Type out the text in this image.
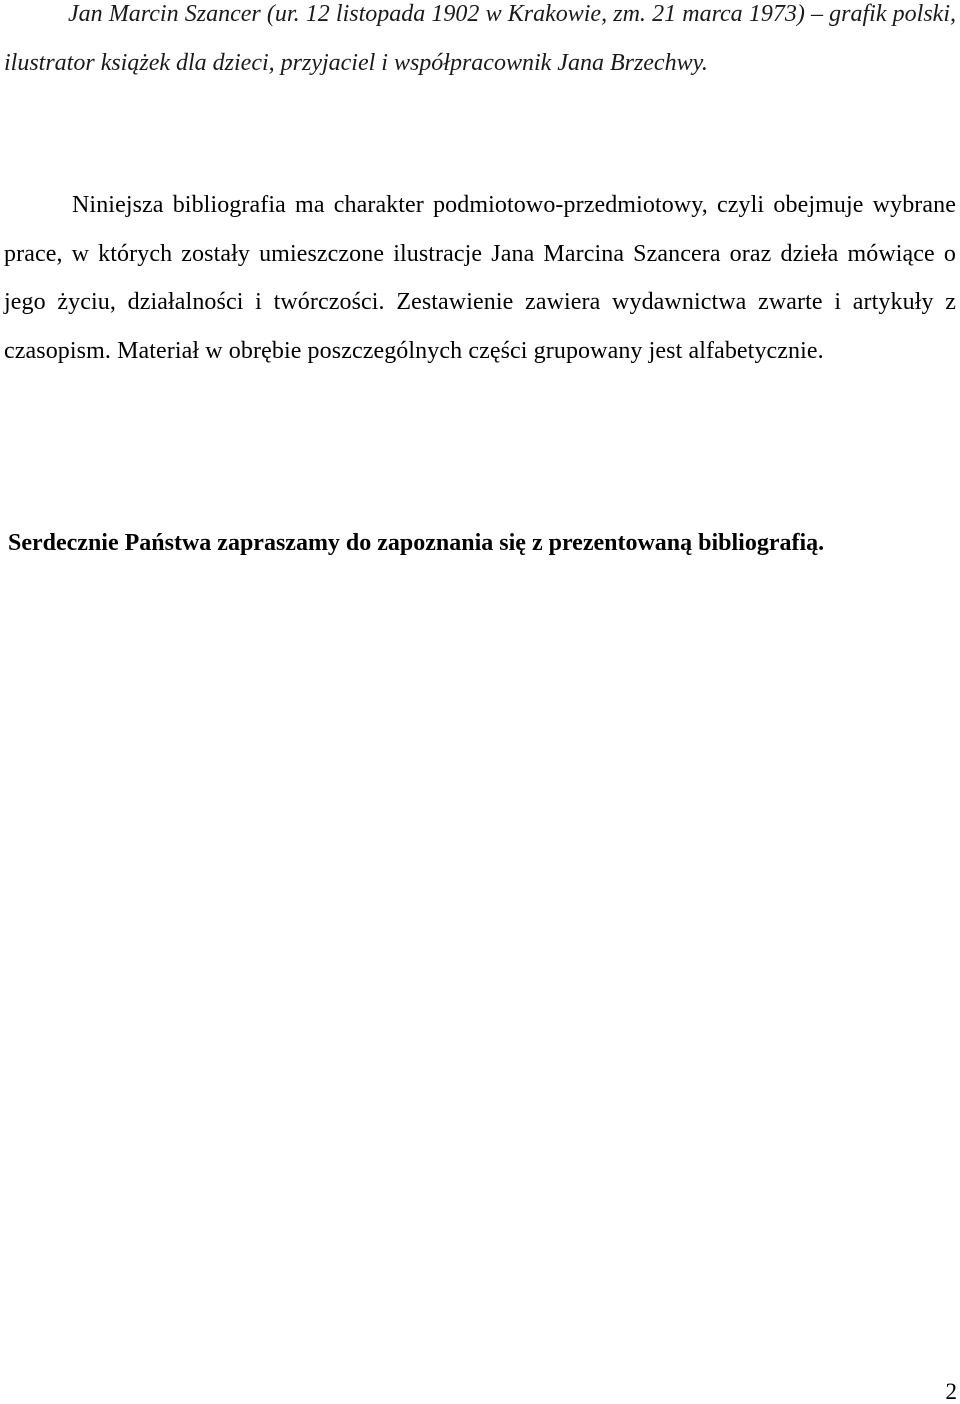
Jan Marcin Szancer (ur. 12 listopada 1902 w Krakowie, zm. 21 marca 1973) – grafik polski, ilustrator książek dla dzieci, przyjaciel i współpracownik Jana Brzechwy.

Niniejsza bibliografia ma charakter podmiotowo-przedmiotowy, czyli obejmuje wybrane prace, w których zostały umieszczone ilustracje Jana Marcina Szancera oraz dzieła mówiące o jego życiu, działalności i twórczości. Zestawienie zawiera wydawnictwa zwarte i artykuły z czasopism. Materiał w obrębie poszczególnych części grupowany jest alfabetycznie.

Serdecznie Państwa zapraszamy do zapoznania się z prezentowaną bibliografią.

2
